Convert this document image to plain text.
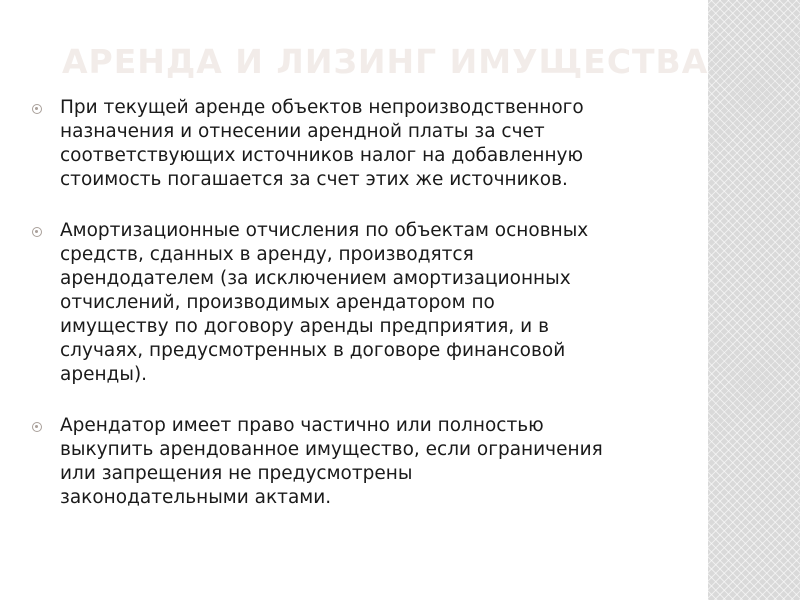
АРЕНДА И ЛИЗИНГ ИМУЩЕСТВА
При текущей аренде объектов непроизводственного
назначения и отнесении арендной платы за счет
соответствующих источников налог на добавленную
стоимость погашается за счет этих же источников.
Амортизационные отчисления по объектам основных
средств, сданных в аренду, производятся
арендодателем (за исключением амортизационных
отчислений, производимых арендатором по
имуществу по договору аренды предприятия, и в
случаях, предусмотренных в договоре финансовой
аренды).
Арендатор имеет право частично или полностью
выкупить арендованное имущество, если ограничения
или запрещения не предусмотрены
законодательными актами.
